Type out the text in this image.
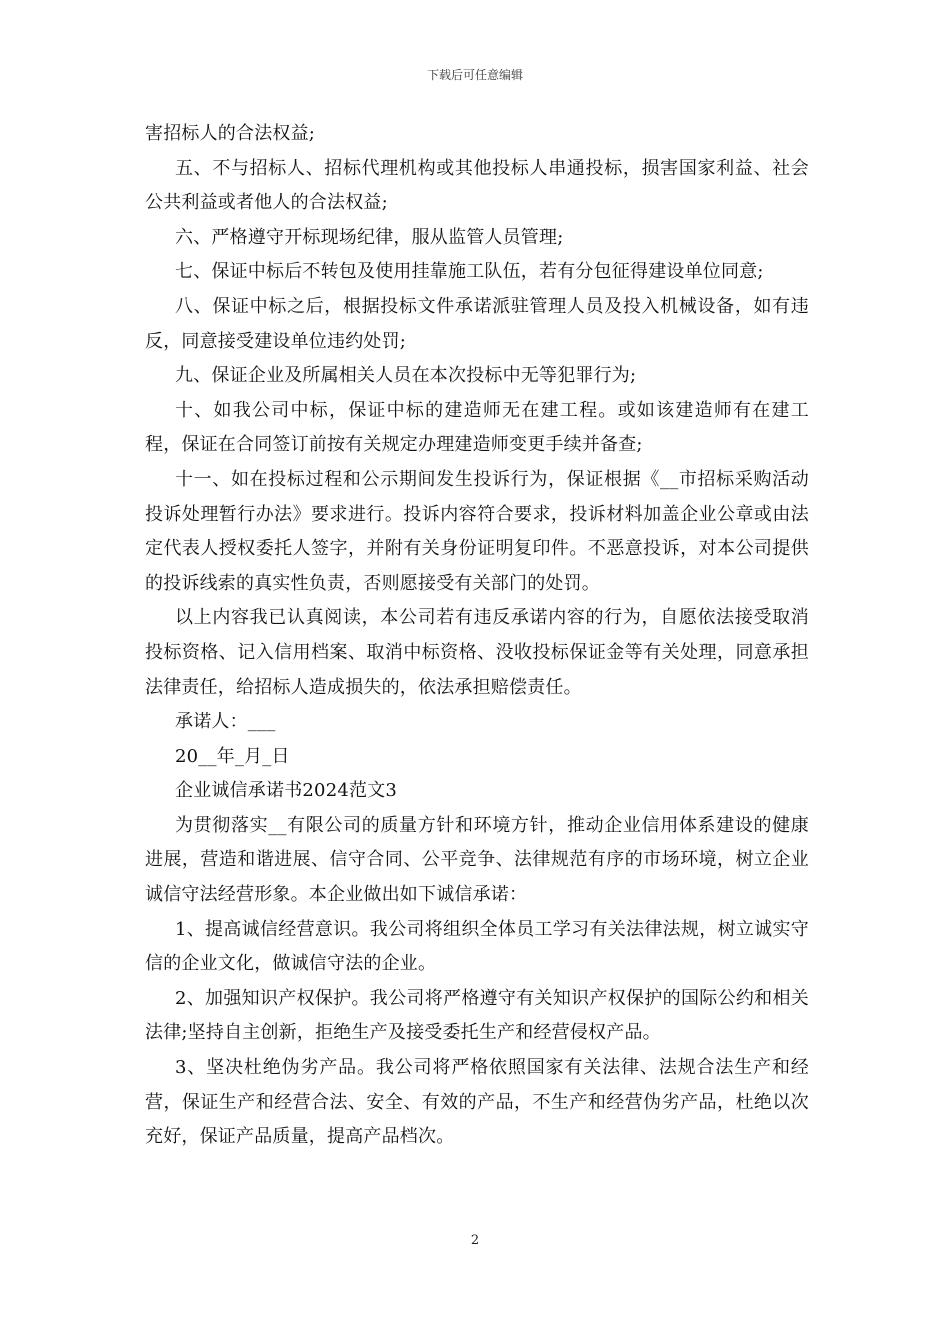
下载后可任意编辑

害招标人的合法权益;

五、不与招标人、招标代理机构或其他投标人串通投标，损害国家利益、社会公共利益或者他人的合法权益;

六、严格遵守开标现场纪律，服从监管人员管理;

七、保证中标后不转包及使用挂靠施工队伍，若有分包征得建设单位同意;

八、保证中标之后，根据投标文件承诺派驻管理人员及投入机械设备，如有违反，同意接受建设单位违约处罚;

九、保证企业及所属相关人员在本次投标中无等犯罪行为;

十、如我公司中标，保证中标的建造师无在建工程。或如该建造师有在建工程，保证在合同签订前按有关规定办理建造师变更手续并备查;

十一、如在投标过程和公示期间发生投诉行为，保证根据《__市招标采购活动投诉处理暂行办法》要求进行。投诉内容符合要求，投诉材料加盖企业公章或由法定代表人授权委托人签字，并附有关身份证明复印件。不恶意投诉，对本公司提供的投诉线索的真实性负责，否则愿接受有关部门的处罚。

以上内容我已认真阅读，本公司若有违反承诺内容的行为，自愿依法接受取消投标资格、记入信用档案、取消中标资格、没收投标保证金等有关处理，同意承担法律责任，给招标人造成损失的，依法承担赔偿责任。

承诺人：___

20__年_月_日

企业诚信承诺书2024范文3

为贯彻落实__有限公司的质量方针和环境方针，推动企业信用体系建设的健康进展，营造和谐进展、信守合同、公平竞争、法律规范有序的市场环境，树立企业诚信守法经营形象。本企业做出如下诚信承诺：

1、提高诚信经营意识。我公司将组织全体员工学习有关法律法规，树立诚实守信的企业文化，做诚信守法的企业。

2、加强知识产权保护。我公司将严格遵守有关知识产权保护的国际公约和相关法律;坚持自主创新，拒绝生产及接受委托生产和经营侵权产品。

3、坚决杜绝伪劣产品。我公司将严格依照国家有关法律、法规合法生产和经营，保证生产和经营合法、安全、有效的产品，不生产和经营伪劣产品，杜绝以次充好，保证产品质量，提高产品档次。

2
